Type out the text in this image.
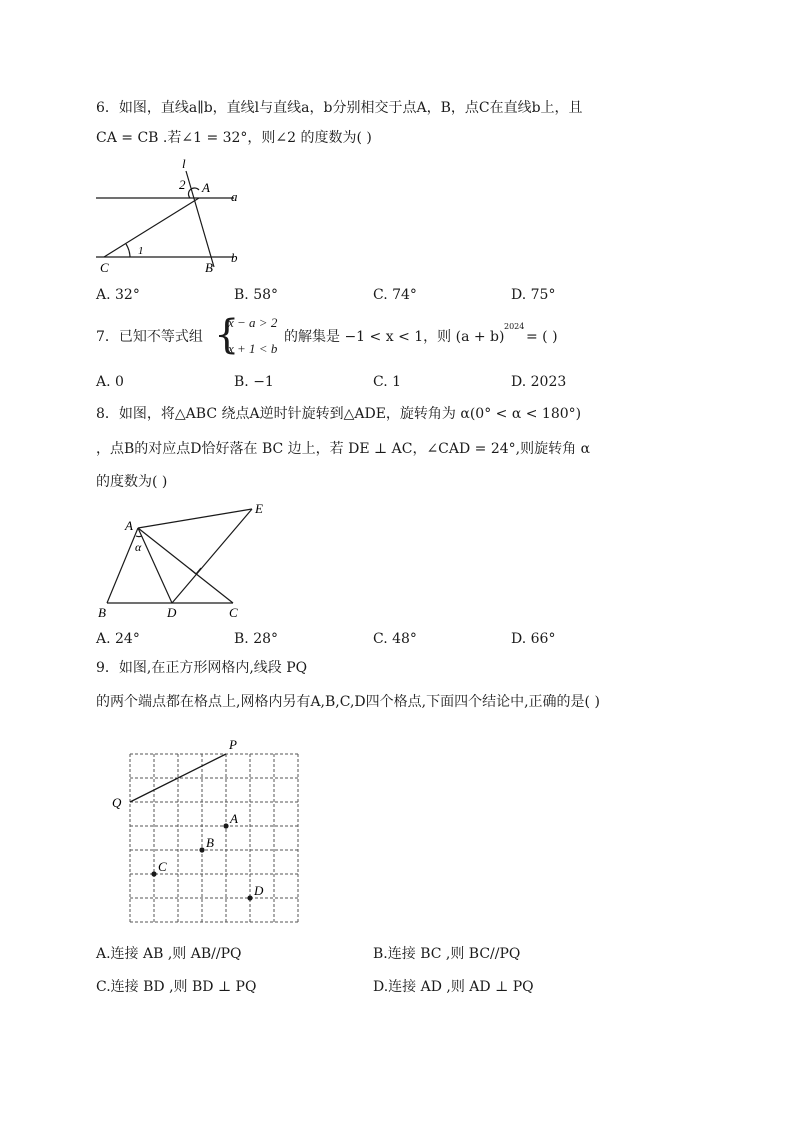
6．如图，直线a∥b，直线l与直线a，b分别相交于点A，B，点C在直线b上，且
CA = CB .若∠1 = 32°，则∠2 的度数为( )
l
2 A
a
1
C	B
b
A. 32°	B. 58°	C. 74°	D. 75°
7．已知不等式组 {
x − a > 2
x + 1 < b
的解集是 −1 < x < 1，则 (a + b)
2024
= ( )
A. 0	B. −1	C. 1	D. 2023
8．如图，将△ABC 绕点A逆时针旋转到△ADE，旋转角为 α(0° < α < 180°)
，点B的对应点D恰好落在 BC 边上，若 DE ⊥ AC，∠CAD = 24°,则旋转角 α
的度数为( )
A
E
α
B	D	C
A. 24°	B. 28°	C. 48°	D. 66°
9．如图,在正方形网格内,线段 PQ
的两个端点都在格点上,网格内另有A,B,C,D四个格点,下面四个结论中,正确的是( )
P
Q
A
B
C
D
A.连接 AB ,则 AB//PQ	B.连接 BC ,则 BC//PQ
C.连接 BD ,则 BD ⊥ PQ	D.连接 AD ,则 AD ⊥ PQ
